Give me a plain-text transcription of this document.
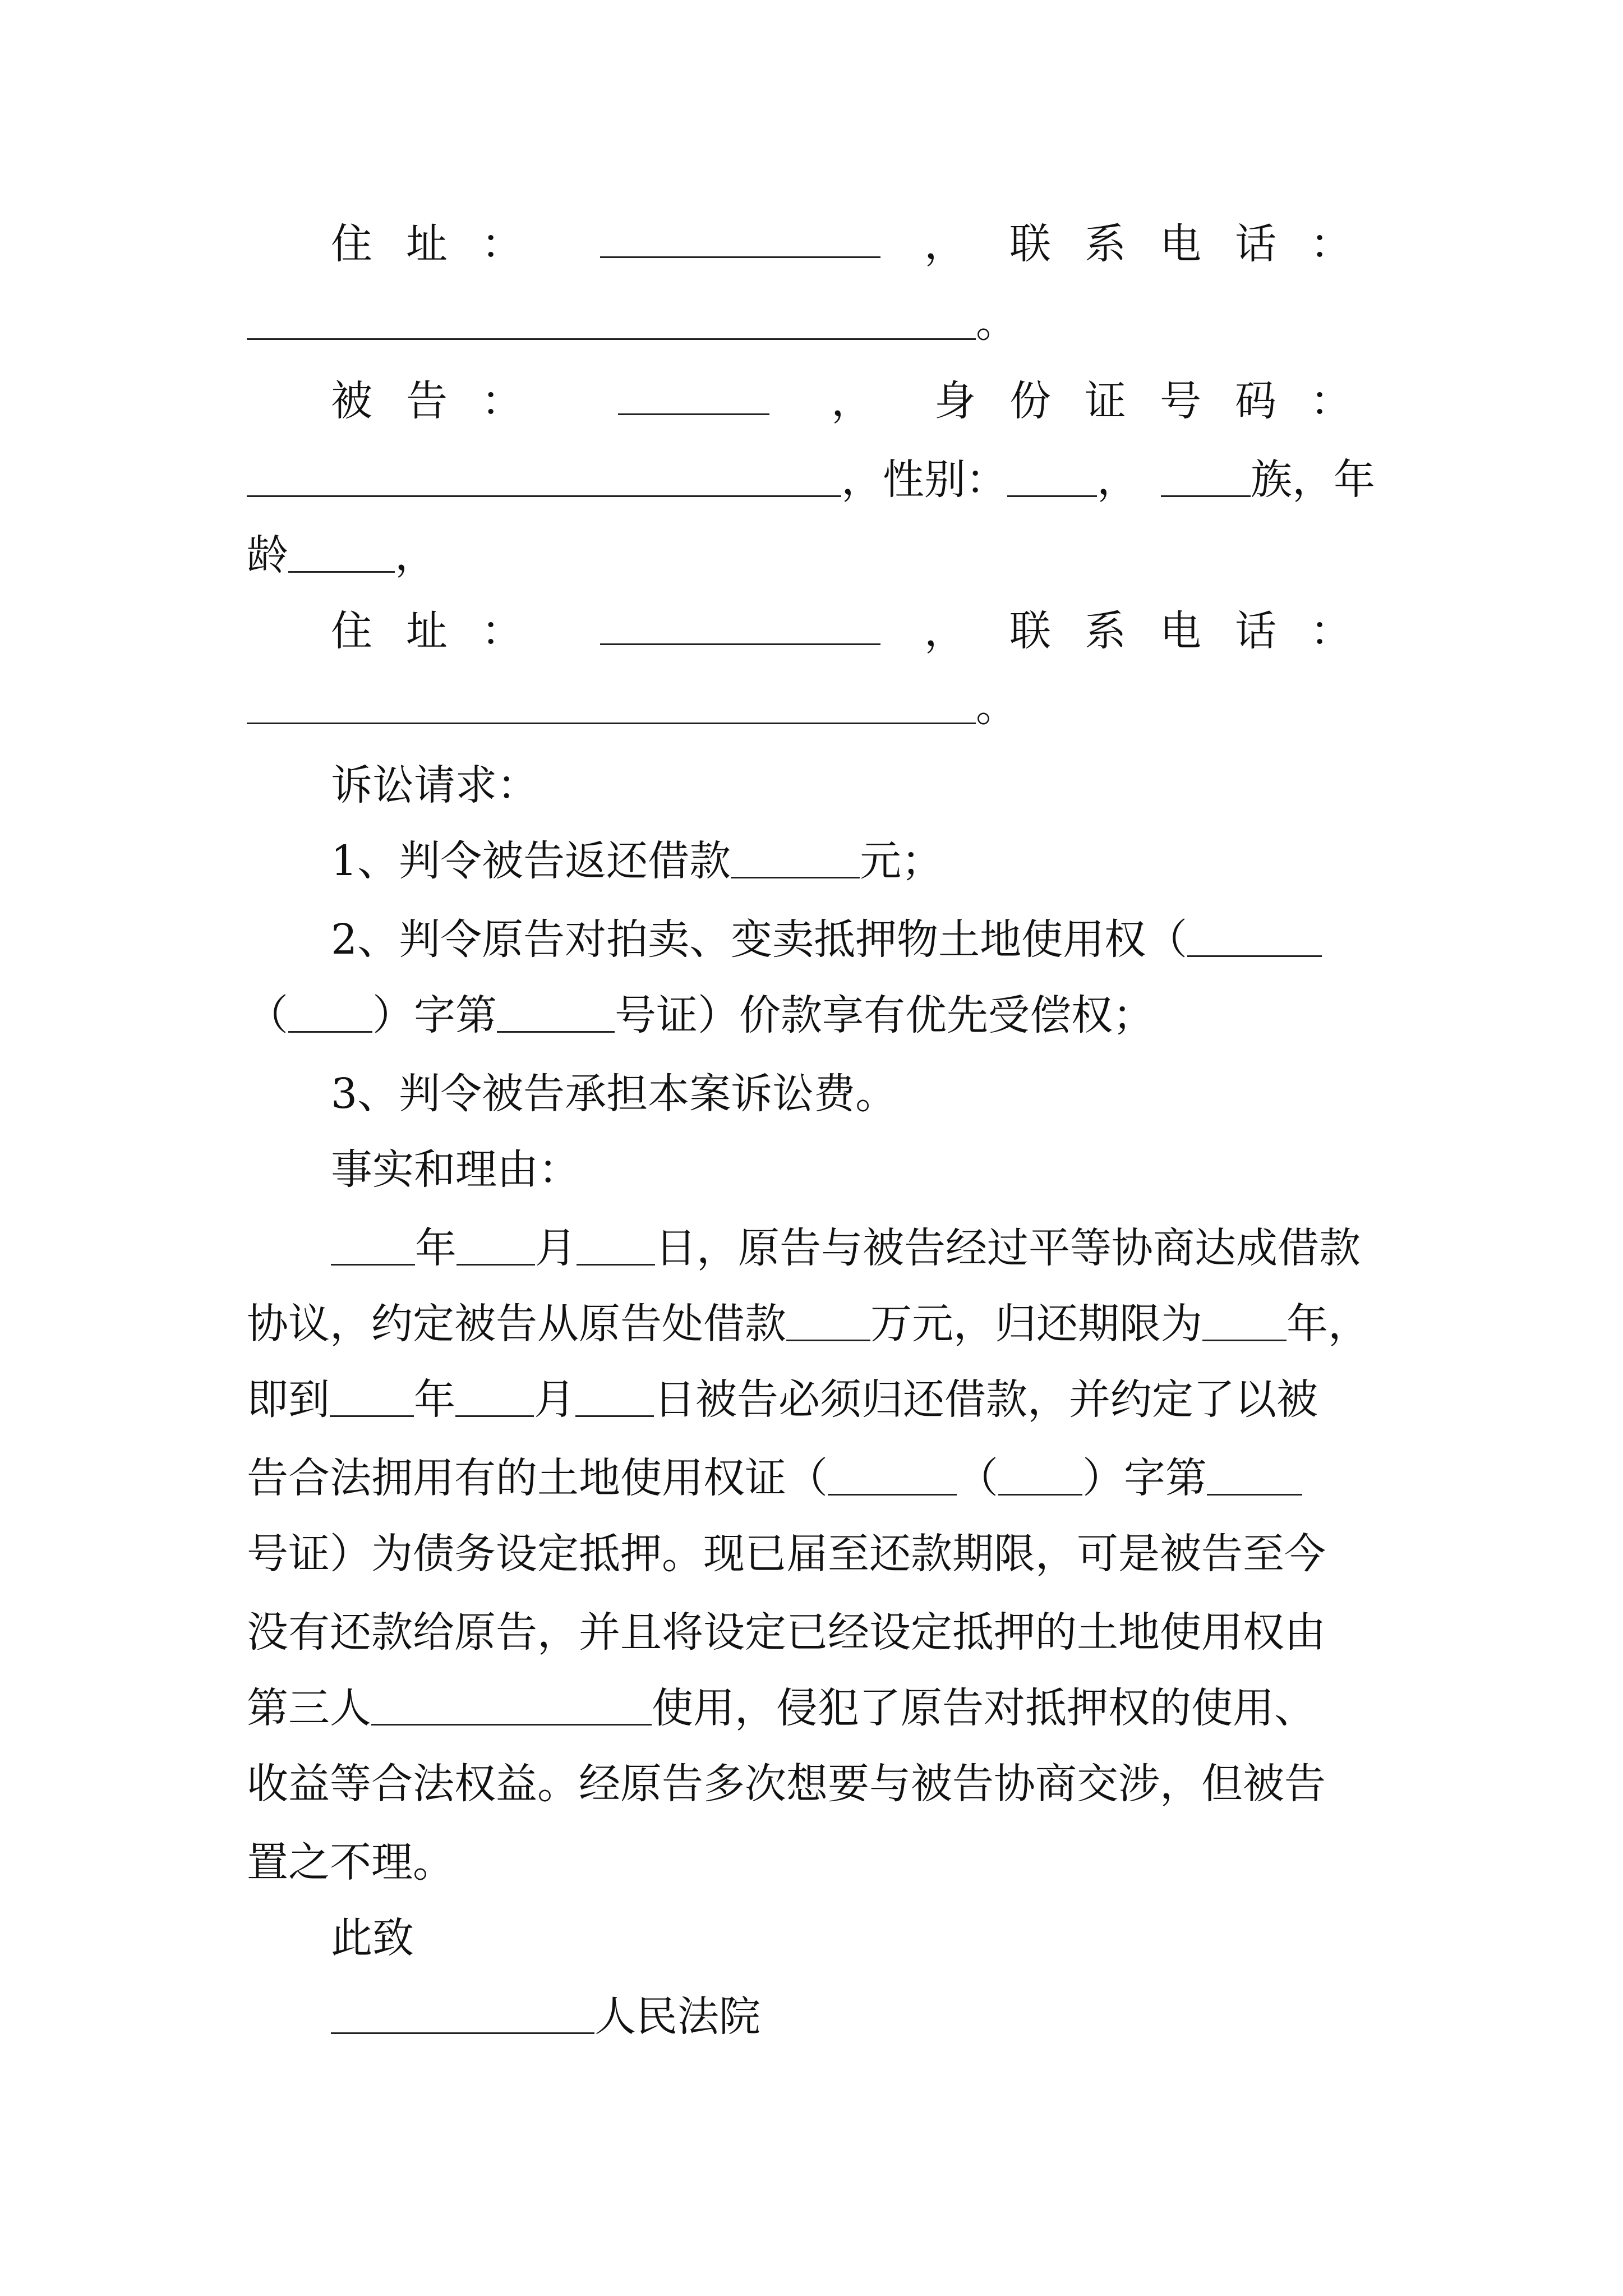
住址：	， 联系电话：
。
被告：	， 身份证号码：
，性别： ，	族，年
龄	，
住址：	， 联系电话：
。
诉讼请求：
1、判令被告返还借款	元；
2、判令原告对拍卖、变卖抵押物土地使用权（
（ ）字第	号证）价款享有优先受偿权；
3、判令被告承担本案诉讼费。
事实和理由：
年 月 日，原告与被告经过平等协商达成借款
协议，约定被告从原告处借款 万元，归还期限为 年，
即到 年 月 日被告必须归还借款，并约定了以被
告合法拥用有的土地使用权证（	（ ）字第
号证）为债务设定抵押。现已届至还款期限，可是被告至今
没有还款给原告，并且将设定已经设定抵押的土地使用权由
第三人	使用，侵犯了原告对抵押权的使用、
收益等合法权益。经原告多次想要与被告协商交涉，但被告
置之不理。
此致
人民法院
